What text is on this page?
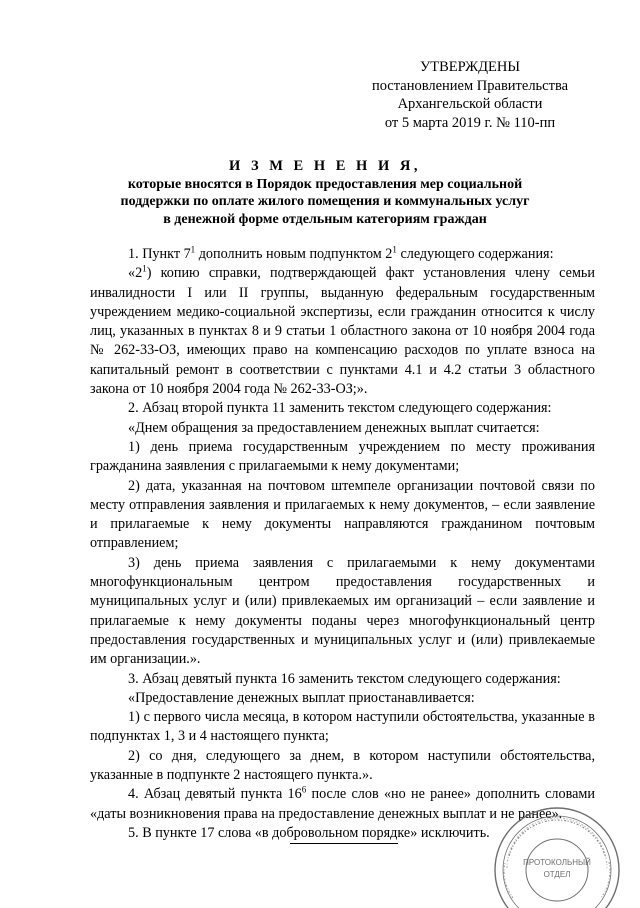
УТВЕРЖДЕНЫ
постановлением Правительства
Архангельской области
от 5 марта 2019 г. № 110-пп
И З М Е Н Е Н И Я,
которые вносятся в Порядок предоставления мер социальной
поддержки по оплате жилого помещения и коммунальных услуг
в денежной форме отдельным категориям граждан

1. Пункт $7^1$ дополнить новым подпунктом $2^1$ следующего содержания:

«$2^1$) копию справки, подтверждающей факт установления члену семьи инвалидности I или II группы, выданную федеральным государственным учреждением медико-социальной экспертизы, если гражданин относится к числу лиц, указанных в пунктах 8 и 9 статьи 1 областного закона от 10 ноября 2004 года № 262-33-ОЗ, имеющих право на компенсацию расходов по уплате взноса на капитальный ремонт в соответствии с пунктами 4.1 и 4.2 статьи 3 областного закона от 10 ноября 2004 года № 262-33-ОЗ;».

2. Абзац второй пункта 11 заменить текстом следующего содержания:

«Днем обращения за предоставлением денежных выплат считается:

1) день приема государственным учреждением по месту проживания гражданина заявления с прилагаемыми к нему документами;

2) дата, указанная на почтовом штемпеле организации почтовой связи по месту отправления заявления и прилагаемых к нему документов, – если заявление и прилагаемые к нему документы направляются гражданином почтовым отправлением;

3) день приема заявления с прилагаемыми к нему документами многофункциональным центром предоставления государственных и муниципальных услуг и (или) привлекаемых им организаций – если заявление и прилагаемые к нему документы поданы через многофункциональный центр предоставления государственных и муниципальных услуг и (или) привлекаемые им организации.».

3. Абзац девятый пункта 16 заменить текстом следующего содержания:

«Предоставление денежных выплат приостанавливается:

1) с первого числа месяца, в котором наступили обстоятельства, указанные в подпунктах 1, 3 и 4 настоящего пункта;

2) со дня, следующего за днем, в котором наступили обстоятельства, указанные в подпункте 2 настоящего пункта.».

4. Абзац девятый пункта $16^6$ после слов «но не ранее» дополнить словами «даты возникновения права на предоставление денежных выплат и не ранее».

5. В пункте 17 слова «в добровольном порядке» исключить.

ПРОТОКОЛЬНЫЙ
ОТДЕЛ
